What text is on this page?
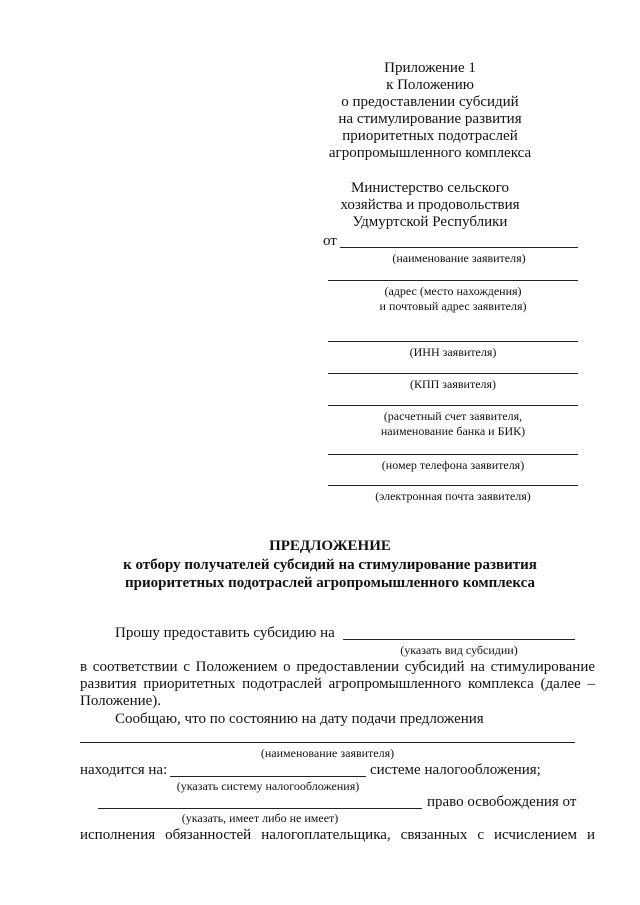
Приложение 1
к Положению
о предоставлении субсидий
на стимулирование развития
приоритетных подотраслей
агропромышленного комплекса
Министерство сельского
хозяйства и продовольствия
Удмуртской Республики
от
(наименование заявителя)
(адрес (место нахождения)
и почтовый адрес заявителя)
(ИНН заявителя)
(КПП заявителя)
(расчетный счет заявителя,
наименование банка и БИК)
(номер телефона заявителя)
(электронная почта заявителя)
ПРЕДЛОЖЕНИЕ
к отбору получателей субсидий на стимулирование развития
приоритетных подотраслей агропромышленного комплекса
Прошу предоставить субсидию на
(указать вид субсидии)
в соответствии с Положением о предоставлении субсидий на стимулирование
развития приоритетных подотраслей агропромышленного комплекса (далее –
Положение).
Сообщаю, что по состоянию на дату подачи предложения
(наименование заявителя)
находится на:	системе налогообложения;
(указать систему налогообложения)
право освобождения от
(указать, имеет либо не имеет)
исполнения обязанностей налогоплательщика, связанных с исчислением и
